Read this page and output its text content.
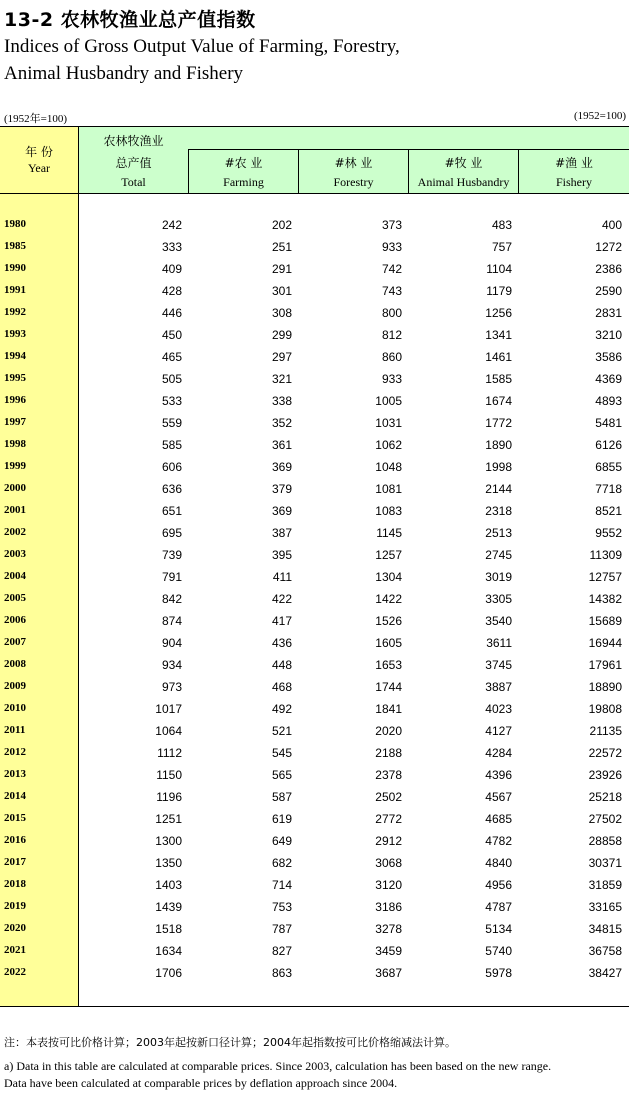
13-2 农林牧渔业总产值指数
Indices of Gross Output Value of Farming, Forestry,
Animal Husbandry and Fishery
(1952年=100)	(1952=100)
年 份
Year
农林牧渔业
总产值
Total
#农 业
Farming
#林 业
Forestry
#牧 业
Animal Husbandry
#渔 业
Fishery
1980	242	202	373	483	400
1985	333	251	933	757	1272
1990	409	291	742	1104	2386
1991	428	301	743	1179	2590
1992	446	308	800	1256	2831
1993	450	299	812	1341	3210
1994	465	297	860	1461	3586
1995	505	321	933	1585	4369
1996	533	338	1005	1674	4893
1997	559	352	1031	1772	5481
1998	585	361	1062	1890	6126
1999	606	369	1048	1998	6855
2000	636	379	1081	2144	7718
2001	651	369	1083	2318	8521
2002	695	387	1145	2513	9552
2003	739	395	1257	2745	11309
2004	791	411	1304	3019	12757
2005	842	422	1422	3305	14382
2006	874	417	1526	3540	15689
2007	904	436	1605	3611	16944
2008	934	448	1653	3745	17961
2009	973	468	1744	3887	18890
2010	1017	492	1841	4023	19808
2011	1064	521	2020	4127	21135
2012	1112	545	2188	4284	22572
2013	1150	565	2378	4396	23926
2014	1196	587	2502	4567	25218
2015	1251	619	2772	4685	27502
2016	1300	649	2912	4782	28858
2017	1350	682	3068	4840	30371
2018	1403	714	3120	4956	31859
2019	1439	753	3186	4787	33165
2020	1518	787	3278	5134	34815
2021	1634	827	3459	5740	36758
2022	1706	863	3687	5978	38427
注：本表按可比价格计算；2003年起按新口径计算；2004年起指数按可比价格缩减法计算。
a) Data in this table are calculated at comparable prices. Since 2003, calculation has been based on the new range.
Data have been calculated at comparable prices by deflation approach since 2004.
